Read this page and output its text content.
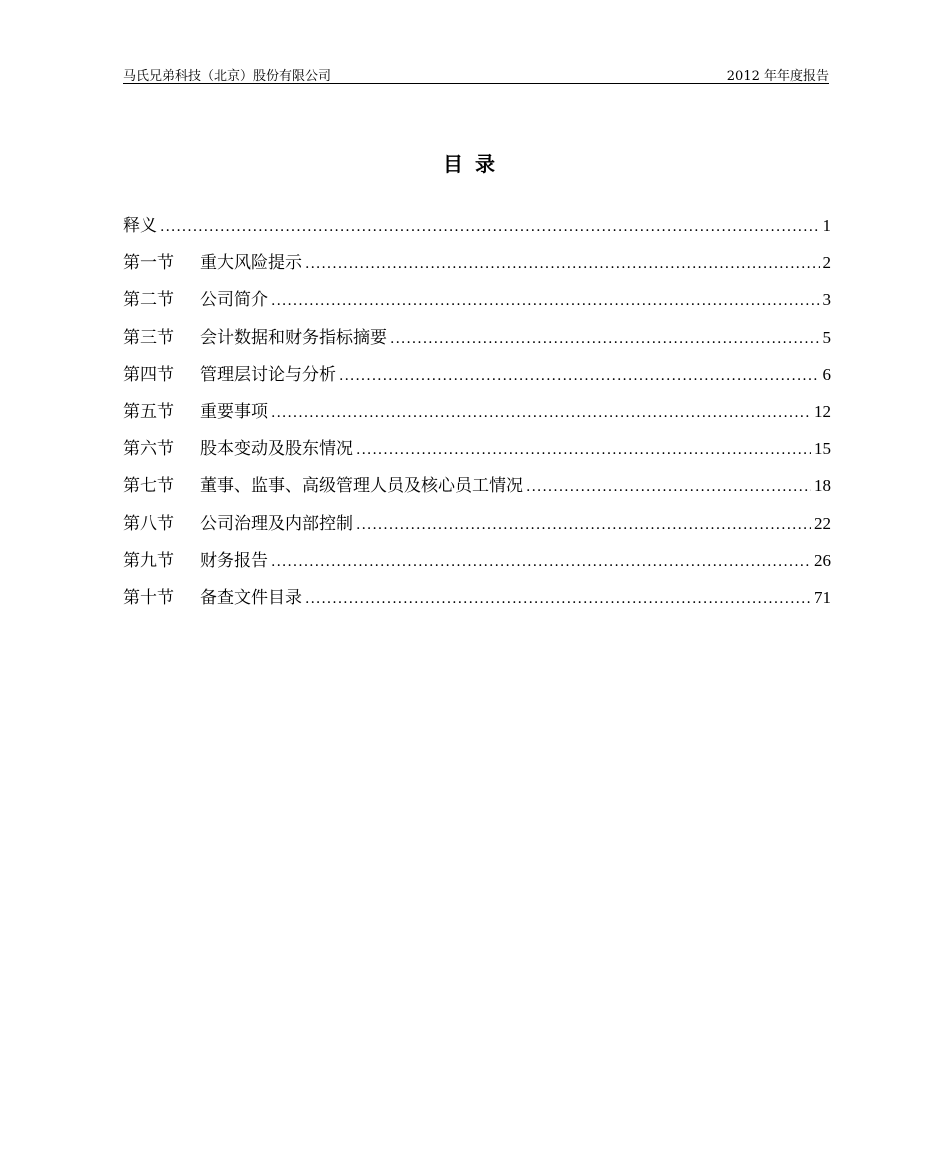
马氏兄弟科技（北京）股份有限公司	2012 年年度报告
目录
释义 .....	1
第一节	重大风险提示 .....	2
第二节	公司简介 .....	3
第三节	会计数据和财务指标摘要 .....	5
第四节	管理层讨论与分析 .....	6
第五节	重要事项 .....	12
第六节	股本变动及股东情况 .....	15
第七节	董事、监事、高级管理人员及核心员工情况 .....	18
第八节	公司治理及内部控制 .....	22
第九节	财务报告 .....	26
第十节	备查文件目录 .....	71
